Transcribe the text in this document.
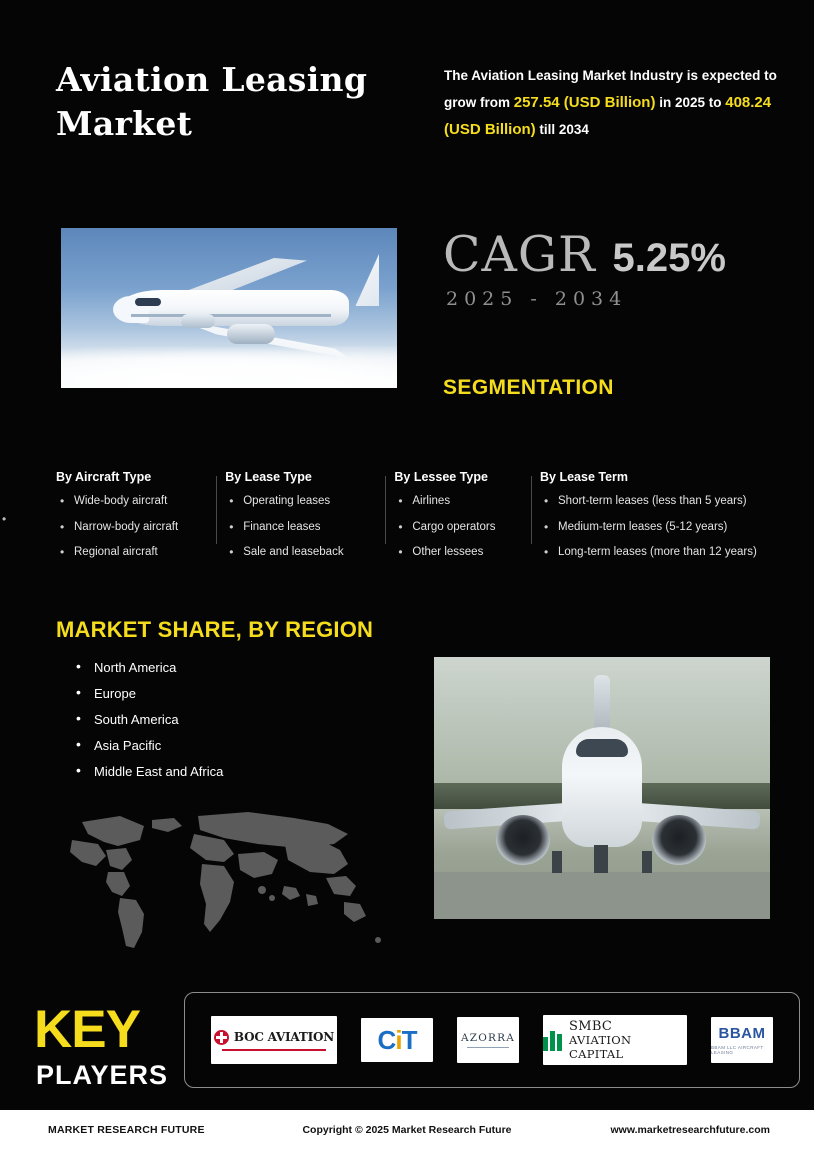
Aviation Leasing Market
The Aviation Leasing Market Industry is expected to grow from 257.54 (USD Billion) in 2025 to 408.24 (USD Billion) till 2034
CAGR 5.25%
2025 - 2034
SEGMENTATION
•
By Aircraft Type
• Wide-body aircraft
• Narrow-body aircraft
• Regional aircraft
By Lease Type
• Operating leases
• Finance leases
• Sale and leaseback
By Lessee Type
• Airlines
• Cargo operators
• Other lessees
By Lease Term
• Short-term leases (less than 5 years)
• Medium-term leases (5-12 years)
• Long-term leases (more than 12 years)
MARKET SHARE, BY REGION
• North America
• Europe
• South America
• Asia Pacific
• Middle East and Africa
KEY
PLAYERS
BOC AVIATION CiT	AZORRA
SMBC
AVIATION CAPITAL
BBAM
BBAM LLC AIRCRAFT LEASING
MARKET RESEARCH FUTURE	Copyright © 2025 Market Research Future	www.marketresearchfuture.com
